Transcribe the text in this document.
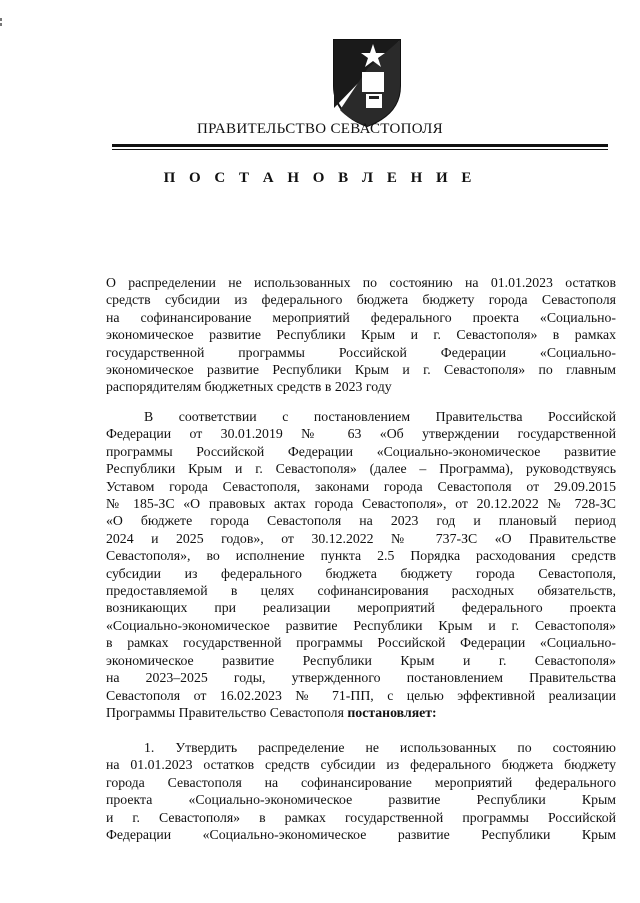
ПРАВИТЕЛЬСТВО СЕВАСТОПОЛЯ
П О С Т А Н О В Л Е Н И Е
О распределении не использованных по состоянию на 01.01.2023 остатков
средств субсидии из федерального бюджета бюджету города Севастополя
на софинансирование мероприятий федерального проекта «Социально-
экономическое развитие Республики Крым и г. Севастополя» в рамках
государственной программы Российской Федерации «Социально-
экономическое развитие Республики Крым и г. Севастополя» по главным
распорядителям бюджетных средств в 2023 году
В соответствии с постановлением Правительства Российской
Федерации от 30.01.2019 № 63 «Об утверждении государственной
программы Российской Федерации «Социально-экономическое развитие
Республики Крым и г. Севастополя» (далее – Программа), руководствуясь
Уставом города Севастополя, законами города Севастополя от 29.09.2015
№ 185-ЗС «О правовых актах города Севастополя», от 20.12.2022 № 728-ЗС
«О бюджете города Севастополя на 2023 год и плановый период
2024 и 2025 годов», от 30.12.2022 № 737-ЗС «О Правительстве
Севастополя», во исполнение пункта 2.5 Порядка расходования средств
субсидии из федерального бюджета бюджету города Севастополя,
предоставляемой в целях софинансирования расходных обязательств,
возникающих при реализации мероприятий федерального проекта
«Социально-экономическое развитие Республики Крым и г. Севастополя»
в рамках государственной программы Российской Федерации «Социально-
экономическое развитие Республики Крым и г. Севастополя»
на 2023–2025 годы, утвержденного постановлением Правительства
Севастополя от 16.02.2023 № 71-ПП, с целью эффективной реализации
Программы Правительство Севастополя постановляет:
1. Утвердить распределение не использованных по состоянию
на 01.01.2023 остатков средств субсидии из федерального бюджета бюджету
города Севастополя на софинансирование мероприятий федерального
проекта «Социально-экономическое развитие Республики Крым
и г. Севастополя» в рамках государственной программы Российской
Федерации «Социально-экономическое развитие Республики Крым
